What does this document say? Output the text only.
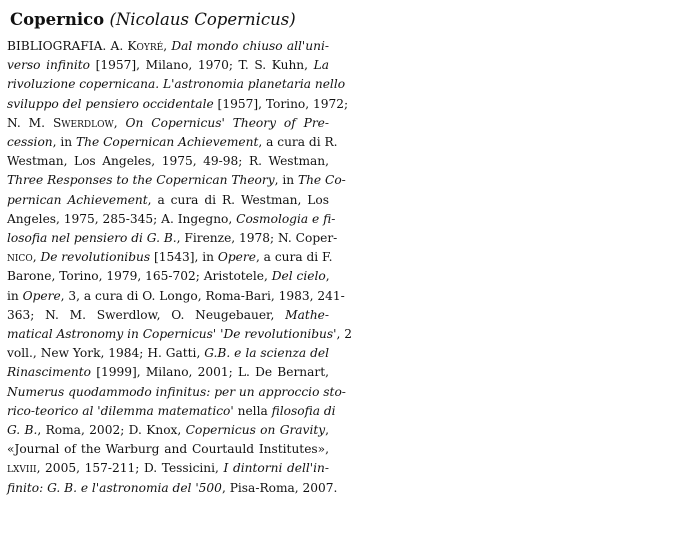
Copernico (Nicolaus Copernicus)
BIBLIOGRAFIA. A. Koyré, Dal mondo chiuso all'uni-
verso infinito [1957], Milano, 1970; T. S. Kuhn, La
rivoluzione copernicana. L'astronomia planetaria nello
sviluppo del pensiero occidentale [1957], Torino, 1972;
N. M. Swerdlow, On Copernicus' Theory of Pre-
cession, in The Copernican Achievement, a cura di R.
Westman, Los Angeles, 1975, 49-98; R. Westman,
Three Responses to the Copernican Theory, in The Co-
pernican Achievement, a cura di R. Westman, Los
Angeles, 1975, 285-345; A. Ingegno, Cosmologia e fi-
losofia nel pensiero di G. B., Firenze, 1978; N. Coper-
nico, De revolutionibus [1543], in Opere, a cura di F.
Barone, Torino, 1979, 165-702; Aristotele, Del cielo,
in Opere, 3, a cura di O. Longo, Roma-Bari, 1983, 241-
363; N. M. Swerdlow, O. Neugebauer, Mathe-
matical Astronomy in Copernicus' 'De revolutionibus', 2
voll., New York, 1984; H. Gatti, G.B. e la scienza del
Rinascimento [1999], Milano, 2001; L. De Bernart,
Numerus quodammodo infinitus: per un approccio sto-
rico-teorico al 'dilemma matematico' nella filosofia di
G. B., Roma, 2002; D. Knox, Copernicus on Gravity,
«Journal of the Warburg and Courtauld Institutes»,
lxviii, 2005, 157-211; D. Tessicini, I dintorni dell'in-
finito: G. B. e l'astronomia del '500, Pisa-Roma, 2007.
